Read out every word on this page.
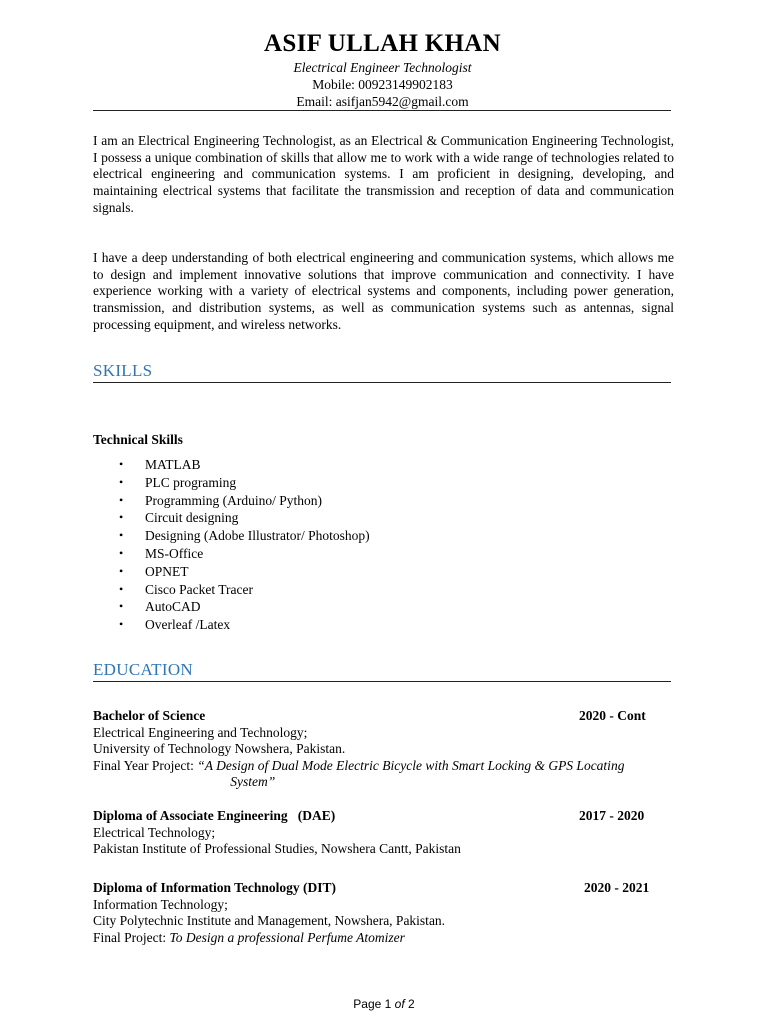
ASIF ULLAH KHAN
Electrical Engineer Technologist
Mobile: 00923149902183
Email: asifjan5942@gmail.com

I am an Electrical Engineering Technologist, as an Electrical & Communication Engineering Technologist, I possess a unique combination of skills that allow me to work with a wide range of technologies related to electrical engineering and communication systems. I am proficient in designing, developing, and maintaining electrical systems that facilitate the transmission and reception of data and communication signals.

I have a deep understanding of both electrical engineering and communication systems, which allows me to design and implement innovative solutions that improve communication and connectivity. I have experience working with a variety of electrical systems and components, including power generation, transmission, and distribution systems, as well as communication systems such as antennas, signal processing equipment, and wireless networks.

SKILLS
Technical Skills
• MATLAB
• PLC programing
• Programming (Arduino/ Python)
• Circuit designing
• Designing (Adobe Illustrator/ Photoshop)
• MS-Office
• OPNET
• Cisco Packet Tracer
• AutoCAD
• Overleaf /Latex
EDUCATION
Bachelor of Science	2020 - Cont
Electrical Engineering and Technology;
University of Technology Nowshera, Pakistan.
Final Year Project: “A Design of Dual Mode Electric Bicycle with Smart Locking & GPS Locating
System”
Diploma of Associate Engineering   (DAE)	2017 - 2020
Electrical Technology;
Pakistan Institute of Professional Studies, Nowshera Cantt, Pakistan
Diploma of Information Technology (DIT)	2020 - 2021
Information Technology;
City Polytechnic Institute and Management, Nowshera, Pakistan.
Final Project: To Design a professional Perfume Atomizer
Page 1 of 2
